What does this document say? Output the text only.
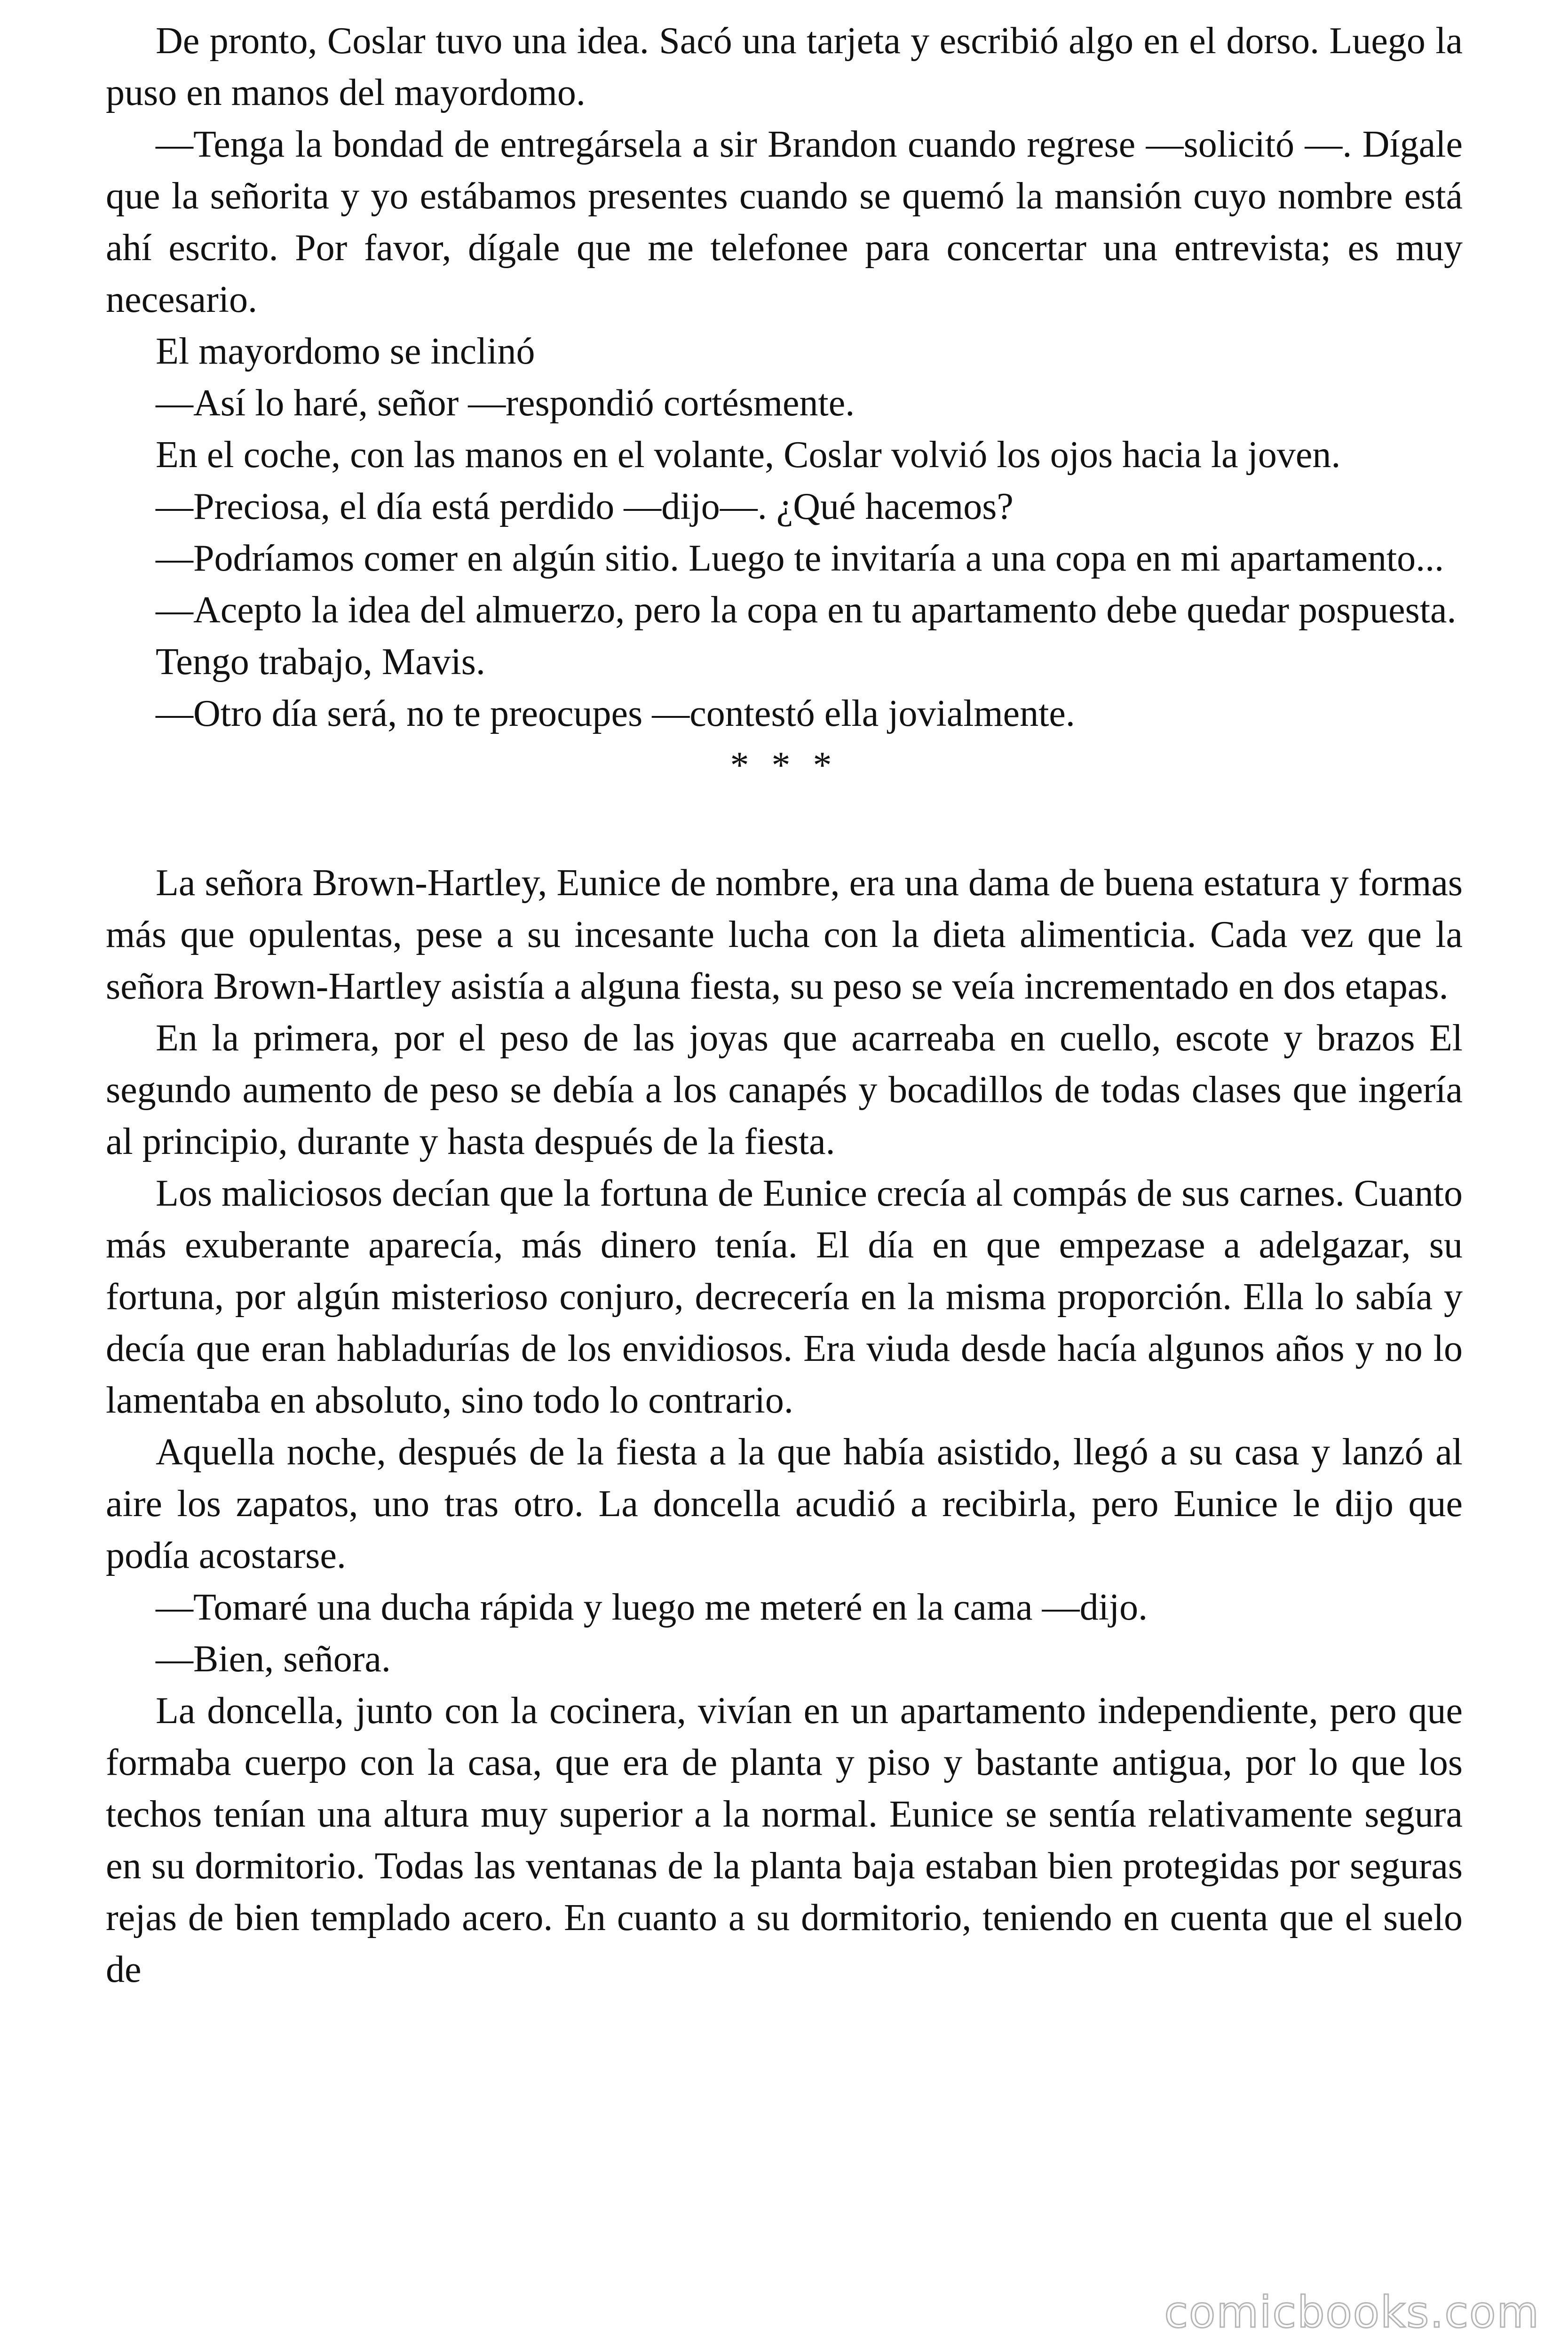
De pronto, Coslar tuvo una idea. Sacó una tarjeta y escribió algo en el dorso. Luego la puso en manos del mayordomo.

—Tenga la bondad de entregársela a sir Brandon cuando regrese —solicitó —. Dígale que la señorita y yo estábamos presentes cuando se quemó la mansión cuyo nombre está ahí escrito. Por favor, dígale que me telefonee para concertar una entrevista; es muy necesario.

El mayordomo se inclinó

—Así lo haré, señor —respondió cortésmente.

En el coche, con las manos en el volante, Coslar volvió los ojos hacia la joven.

—Preciosa, el día está perdido —dijo—. ¿Qué hacemos?

—Podríamos comer en algún sitio. Luego te invitaría a una copa en mi apartamento...

—Acepto la idea del almuerzo, pero la copa en tu apartamento debe quedar pospuesta.

Tengo trabajo, Mavis.

—Otro día será, no te preocupes —contestó ella jovialmente.

* * *

La señora Brown-Hartley, Eunice de nombre, era una dama de buena estatura y formas más que opulentas, pese a su incesante lucha con la dieta alimenticia. Cada vez que la señora Brown-Hartley asistía a alguna fiesta, su peso se veía incrementado en dos etapas.

En la primera, por el peso de las joyas que acarreaba en cuello, escote y brazos El segundo aumento de peso se debía a los canapés y bocadillos de todas clases que ingería al principio, durante y hasta después de la fiesta.

Los maliciosos decían que la fortuna de Eunice crecía al compás de sus carnes. Cuanto más exuberante aparecía, más dinero tenía. El día en que empezase a adelgazar, su fortuna, por algún misterioso conjuro, decrecería en la misma proporción. Ella lo sabía y decía que eran habladurías de los envidiosos. Era viuda desde hacía algunos años y no lo lamentaba en absoluto, sino todo lo contrario.

Aquella noche, después de la fiesta a la que había asistido, llegó a su casa y lanzó al aire los zapatos, uno tras otro. La doncella acudió a recibirla, pero Eunice le dijo que podía acostarse.

—Tomaré una ducha rápida y luego me meteré en la cama —dijo.

—Bien, señora.

La doncella, junto con la cocinera, vivían en un apartamento independiente, pero que formaba cuerpo con la casa, que era de planta y piso y bastante antigua, por lo que los techos tenían una altura muy superior a la normal. Eunice se sentía relativamente segura en su dormitorio. Todas las ventanas de la planta baja estaban bien protegidas por seguras rejas de bien templado acero. En cuanto a su dormitorio, teniendo en cuenta que el suelo de

comicbooks.com
